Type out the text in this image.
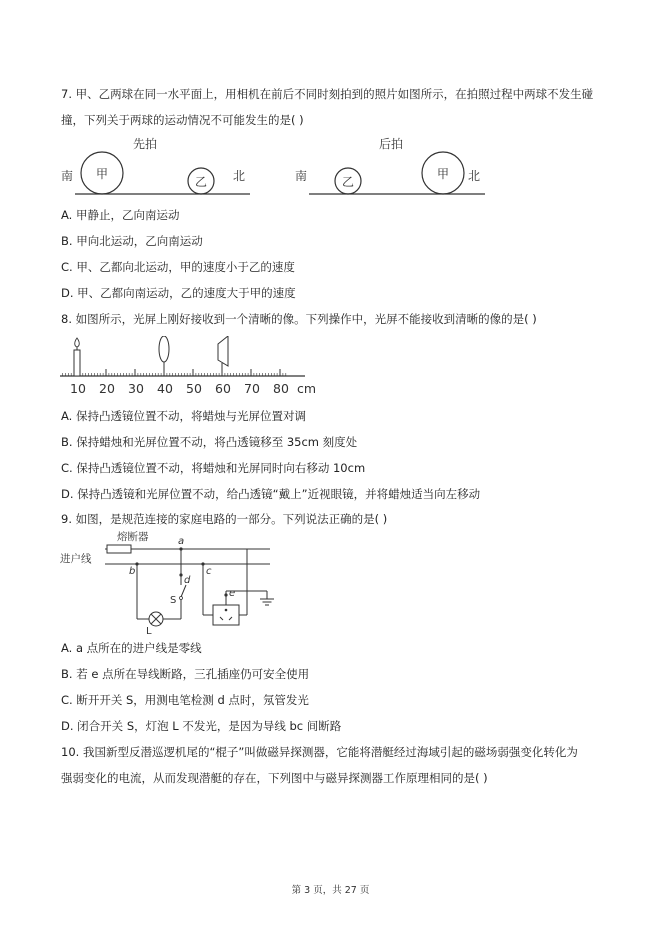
7. 甲、乙两球在同一水平面上，用相机在前后不同时刻拍到的照片如图所示，在拍照过程中两球不发生碰
撞，下列关于两球的运动情况不可能发生的是( )
先拍
南 甲
乙 北
后拍
南	乙
甲 北
A. 甲静止，乙向南运动
B. 甲向北运动，乙向南运动
C. 甲、乙都向北运动，甲的速度小于乙的速度
D. 甲、乙都向南运动，乙的速度大于甲的速度
8. 如图所示，光屏上刚好接收到一个清晰的像。下列操作中，光屏不能接收到清晰的像的是( )
10 20 30 40 50 60 70 80 cm
A. 保持凸透镜位置不动，将蜡烛与光屏位置对调
B. 保持蜡烛和光屏位置不动，将凸透镜移至 35cm 刻度处
C. 保持凸透镜位置不动，将蜡烛和光屏同时向右移动 10cm
D. 保持凸透镜和光屏位置不动，给凸透镜“戴上”近视眼镜，并将蜡烛适当向左移动
9. 如图，是规范连接的家庭电路的一部分。下列说法正确的是( )
熔断器
进户线
a
b
L
S
d
c
e
A. a 点所在的进户线是零线
B. 若 e 点所在导线断路，三孔插座仍可安全使用
C. 断开开关 S，用测电笔检测 d 点时，氖管发光
D. 闭合开关 S，灯泡 L 不发光，是因为导线 bc 间断路
10. 我国新型反潜巡逻机尾的“棍子”叫做磁异探测器，它能将潜艇经过海域引起的磁场弱强变化转化为
强弱变化的电流，从而发现潜艇的存在，下列图中与磁异探测器工作原理相同的是( )
第 3 页，共 27 页
